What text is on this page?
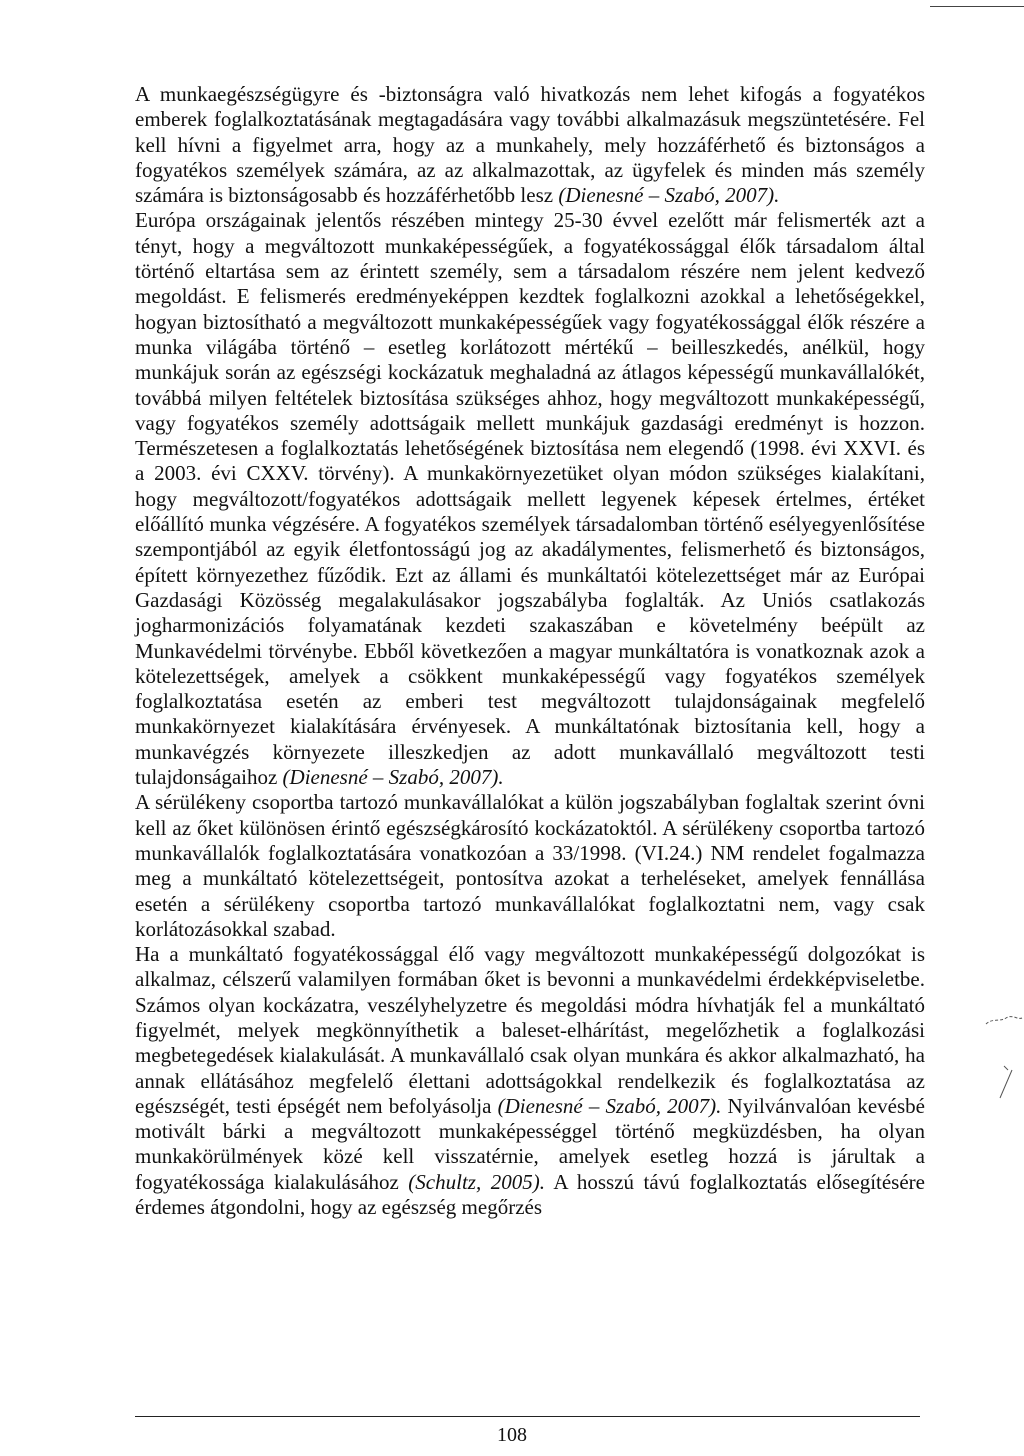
A munkaegészségügyre és -biztonságra való hivatkozás nem lehet kifogás a fogyatékos emberek foglalkoztatásának megtagadására vagy további alkalmazásuk megszüntetésére. Fel kell hívni a figyelmet arra, hogy az a munkahely, mely hozzáférhető és biztonságos a fogyatékos személyek számára, az az alkalmazottak, az ügyfelek és minden más személy számára is biztonságosabb és hozzáférhetőbb lesz (Dienesné – Szabó, 2007).

Európa országainak jelentős részében mintegy 25-30 évvel ezelőtt már felismerték azt a tényt, hogy a megváltozott munkaképességűek, a fogyatékossággal élők társadalom által történő eltartása sem az érintett személy, sem a társadalom részére nem jelent kedvező megoldást. E felismerés eredményeképpen kezdtek foglalkozni azokkal a lehetőségekkel, hogyan biztosítható a megváltozott munkaképességűek vagy fogyatékossággal élők részére a munka világába történő – esetleg korlátozott mértékű – beilleszkedés, anélkül, hogy munkájuk során az egészségi kockázatuk meghaladná az átlagos képességű munkavállalókét, továbbá milyen feltételek biztosítása szükséges ahhoz, hogy megváltozott munkaképességű, vagy fogyatékos személy adottságaik mellett munkájuk gazdasági eredményt is hozzon. Természetesen a foglalkoztatás lehetőségének biztosítása nem elegendő (1998. évi XXVI. és a 2003. évi CXXV. törvény). A munkakörnyezetüket olyan módon szükséges kialakítani, hogy megváltozott/fogyatékos adottságaik mellett legyenek képesek értelmes, értéket előállító munka végzésére. A fogyatékos személyek társadalomban történő esélyegyenlősítése szempontjából az egyik életfontosságú jog az akadálymentes, felismerhető és biztonságos, épített környezethez fűződik. Ezt az állami és munkáltatói kötelezettséget már az Európai Gazdasági Közösség megalakulásakor jogszabályba foglalták. Az Uniós csatlakozás jogharmonizációs folyamatának kezdeti szakaszában e követelmény beépült az Munkavédelmi törvénybe. Ebből következően a magyar munkáltatóra is vonatkoznak azok a kötelezettségek, amelyek a csökkent munkaképességű vagy fogyatékos személyek foglalkoztatása esetén az emberi test megváltozott tulajdonságainak megfelelő munkakörnyezet kialakítására érvényesek. A munkáltatónak biztosítania kell, hogy a munkavégzés környezete illeszkedjen az adott munkavállaló megváltozott testi tulajdonságaihoz (Dienesné – Szabó, 2007).

A sérülékeny csoportba tartozó munkavállalókat a külön jogszabályban foglaltak szerint óvni kell az őket különösen érintő egészségkárosító kockázatoktól. A sérülékeny csoportba tartozó munkavállalók foglalkoztatására vonatkozóan a 33/1998. (VI.24.) NM rendelet fogalmazza meg a munkáltató kötelezettségeit, pontosítva azokat a terheléseket, amelyek fennállása esetén a sérülékeny csoportba tartozó munkavállalókat foglalkoztatni nem, vagy csak korlátozásokkal szabad.

Ha a munkáltató fogyatékossággal élő vagy megváltozott munkaképességű dolgozókat is alkalmaz, célszerű valamilyen formában őket is bevonni a munkavédelmi érdekképviseletbe. Számos olyan kockázatra, veszélyhelyzetre és megoldási módra hívhatják fel a munkáltató figyelmét, melyek megkönnyíthetik a baleset-elhárítást, megelőzhetik a foglalkozási megbetegedések kialakulását. A munkavállaló csak olyan munkára és akkor alkalmazható, ha annak ellátásához megfelelő élettani adottságokkal rendelkezik és foglalkoztatása az egészségét, testi épségét nem befolyásolja (Dienesné – Szabó, 2007). Nyilvánvalóan kevésbé motivált bárki a megváltozott munkaképességgel történő megküzdésben, ha olyan munkakörülmények közé kell visszatérnie, amelyek esetleg hozzá is járultak a fogyatékossága kialakulásához (Schultz, 2005). A hosszú távú foglalkoztatás elősegítésére érdemes átgondolni, hogy az egészség megőrzés

108
